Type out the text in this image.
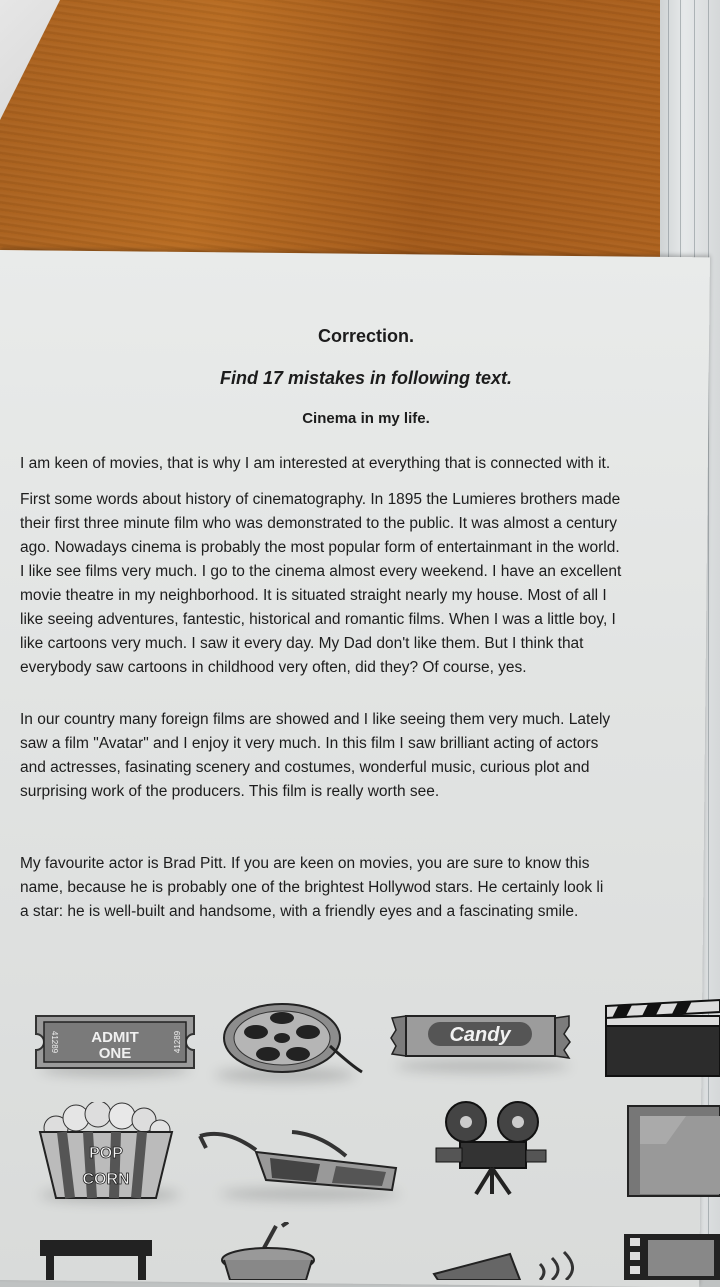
Correction.
Find 17 mistakes in following text.
Cinema in my life.
I am keen of movies, that is why I am interested at everything that is connected with it.
First some words about history of cinematography. In 1895 the Lumieres brothers made
their first three minute film who was demonstrated to the public. It was almost a century
ago. Nowadays cinema is probably the most popular form of entertainmant in the world.
I like see films very much. I go to the cinema almost every weekend. I have an excellent
movie theatre in my neighborhood. It is situated straight nearly my house. Most of all I
like seeing adventures, fantestic, historical and romantic films. When I was a little boy, I
like cartoons very much. I saw it every day. My Dad don't like them. But I think that
everybody saw cartoons in childhood very often, did they? Of course, yes.
In our country many foreign films are showed and I like seeing them very much. Lately
saw a film "Avatar" and I enjoy it very much. In this film I saw brilliant acting of actors
and actresses, fasinating scenery and costumes, wonderful music, curious plot and
surprising work of the producers. This film is really worth see.
My favourite actor is Brad Pitt. If you are keen on movies, you are sure to know this
name, because he is probably one of the brightest Hollywod stars. He certainly look li
a star: he is well-built and handsome, with a friendly eyes and a fascinating smile.
ADMIT
ONE
41289	41289	Candy
POP
CORN
